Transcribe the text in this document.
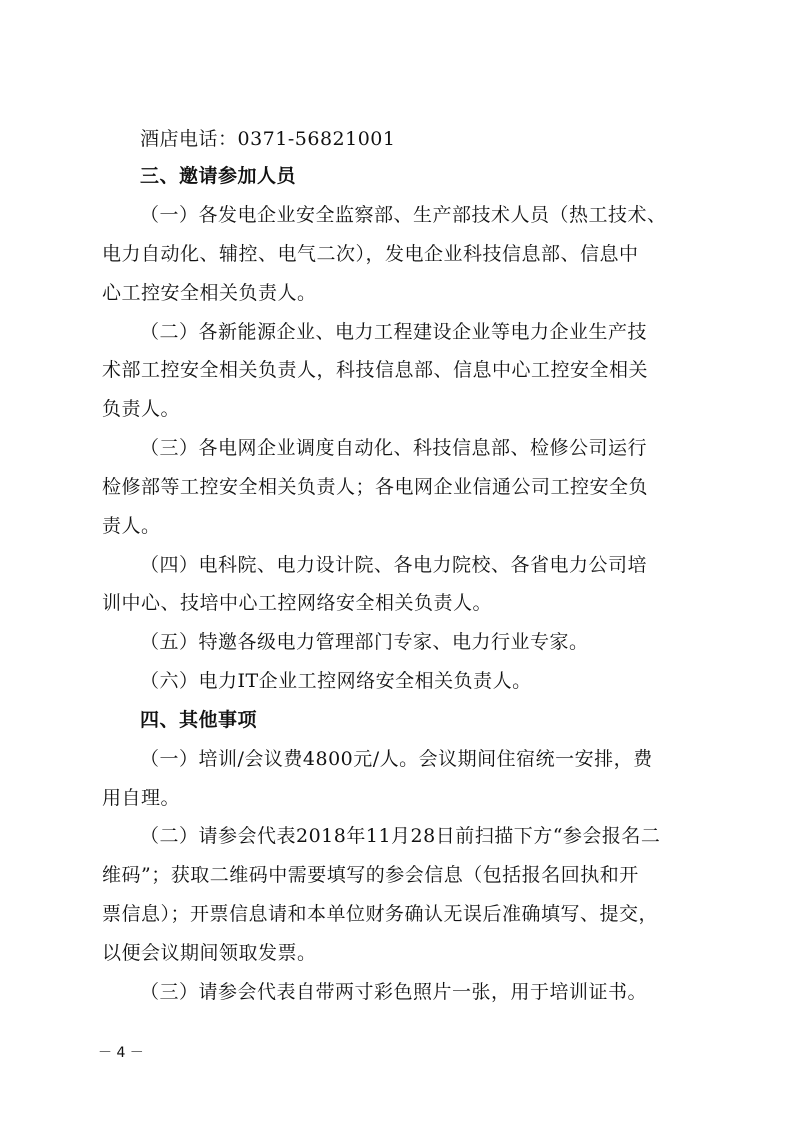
酒店电话：0371-56821001
三、邀请参加人员
（一）各发电企业安全监察部、生产部技术人员（热工技术、
电力自动化、辅控、电气二次），发电企业科技信息部、信息中
心工控安全相关负责人。
（二）各新能源企业、电力工程建设企业等电力企业生产技
术部工控安全相关负责人，科技信息部、信息中心工控安全相关
负责人。
（三）各电网企业调度自动化、科技信息部、检修公司运行
检修部等工控安全相关负责人；各电网企业信通公司工控安全负
责人。
（四）电科院、电力设计院、各电力院校、各省电力公司培
训中心、技培中心工控网络安全相关负责人。
（五）特邀各级电力管理部门专家、电力行业专家。
（六）电力IT企业工控网络安全相关负责人。
四、其他事项
（一）培训/会议费4800元/人。会议期间住宿统一安排，费
用自理。
（二）请参会代表2018年11月28日前扫描下方“参会报名二
维码”；获取二维码中需要填写的参会信息（包括报名回执和开
票信息）；开票信息请和本单位财务确认无误后准确填写、提交，
以便会议期间领取发票。
（三）请参会代表自带两寸彩色照片一张，用于培训证书。
－ 4 －
